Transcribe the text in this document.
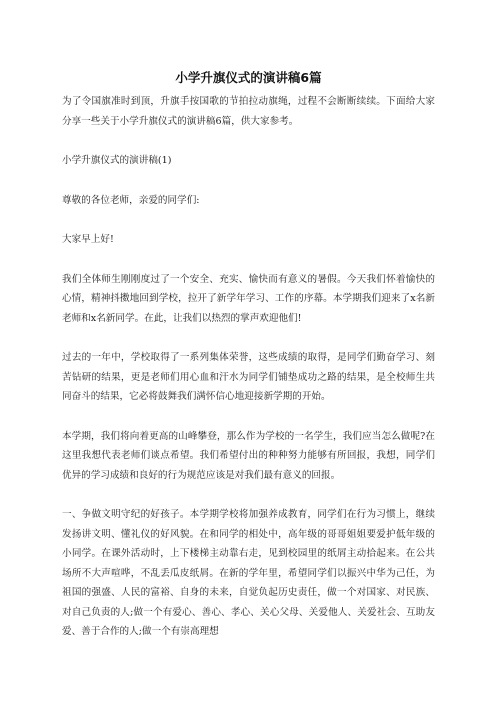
小学升旗仪式的演讲稿6篇

为了令国旗准时到顶，升旗手按国歌的节拍拉动旗绳，过程不会断断续续。下面给大家分享一些关于小学升旗仪式的演讲稿6篇，供大家参考。

小学升旗仪式的演讲稿(1)

尊敬的各位老师，亲爱的同学们:

大家早上好!

我们全体师生刚刚度过了一个安全、充实、愉快而有意义的暑假。今天我们怀着愉快的心情，精神抖擞地回到学校，拉开了新学年学习、工作的序幕。本学期我们迎来了x名新老师和x名新同学。在此，让我们以热烈的掌声欢迎他们!

过去的一年中，学校取得了一系列集体荣誉，这些成绩的取得，是同学们勤奋学习、刻苦钻研的结果，更是老师们用心血和汗水为同学们铺垫成功之路的结果，是全校师生共同奋斗的结果，它必将鼓舞我们满怀信心地迎接新学期的开始。

本学期，我们将向着更高的山峰攀登，那么作为学校的一名学生，我们应当怎么做呢?在这里我想代表老师们谈点希望。我们希望付出的种种努力能够有所回报，我想，同学们优异的学习成绩和良好的行为规范应该是对我们最有意义的回报。

一、争做文明守纪的好孩子。本学期学校将加强养成教育，同学们在行为习惯上，继续发扬讲文明、懂礼仪的好风貌。在和同学的相处中，高年级的哥哥姐姐要爱护低年级的小同学。在课外活动时，上下楼梯主动靠右走，见到校园里的纸屑主动拾起来。在公共场所不大声喧哗，不乱丢瓜皮纸屑。在新的学年里，希望同学们以振兴中华为己任，为祖国的强盛、人民的富裕、自身的未来，自觉负起历史责任，做一个对国家、对民族、对自己负责的人;做一个有爱心、善心、孝心、关心父母、关爱他人、关爱社会、互助友爱、善于合作的人;做一个有崇高理想
